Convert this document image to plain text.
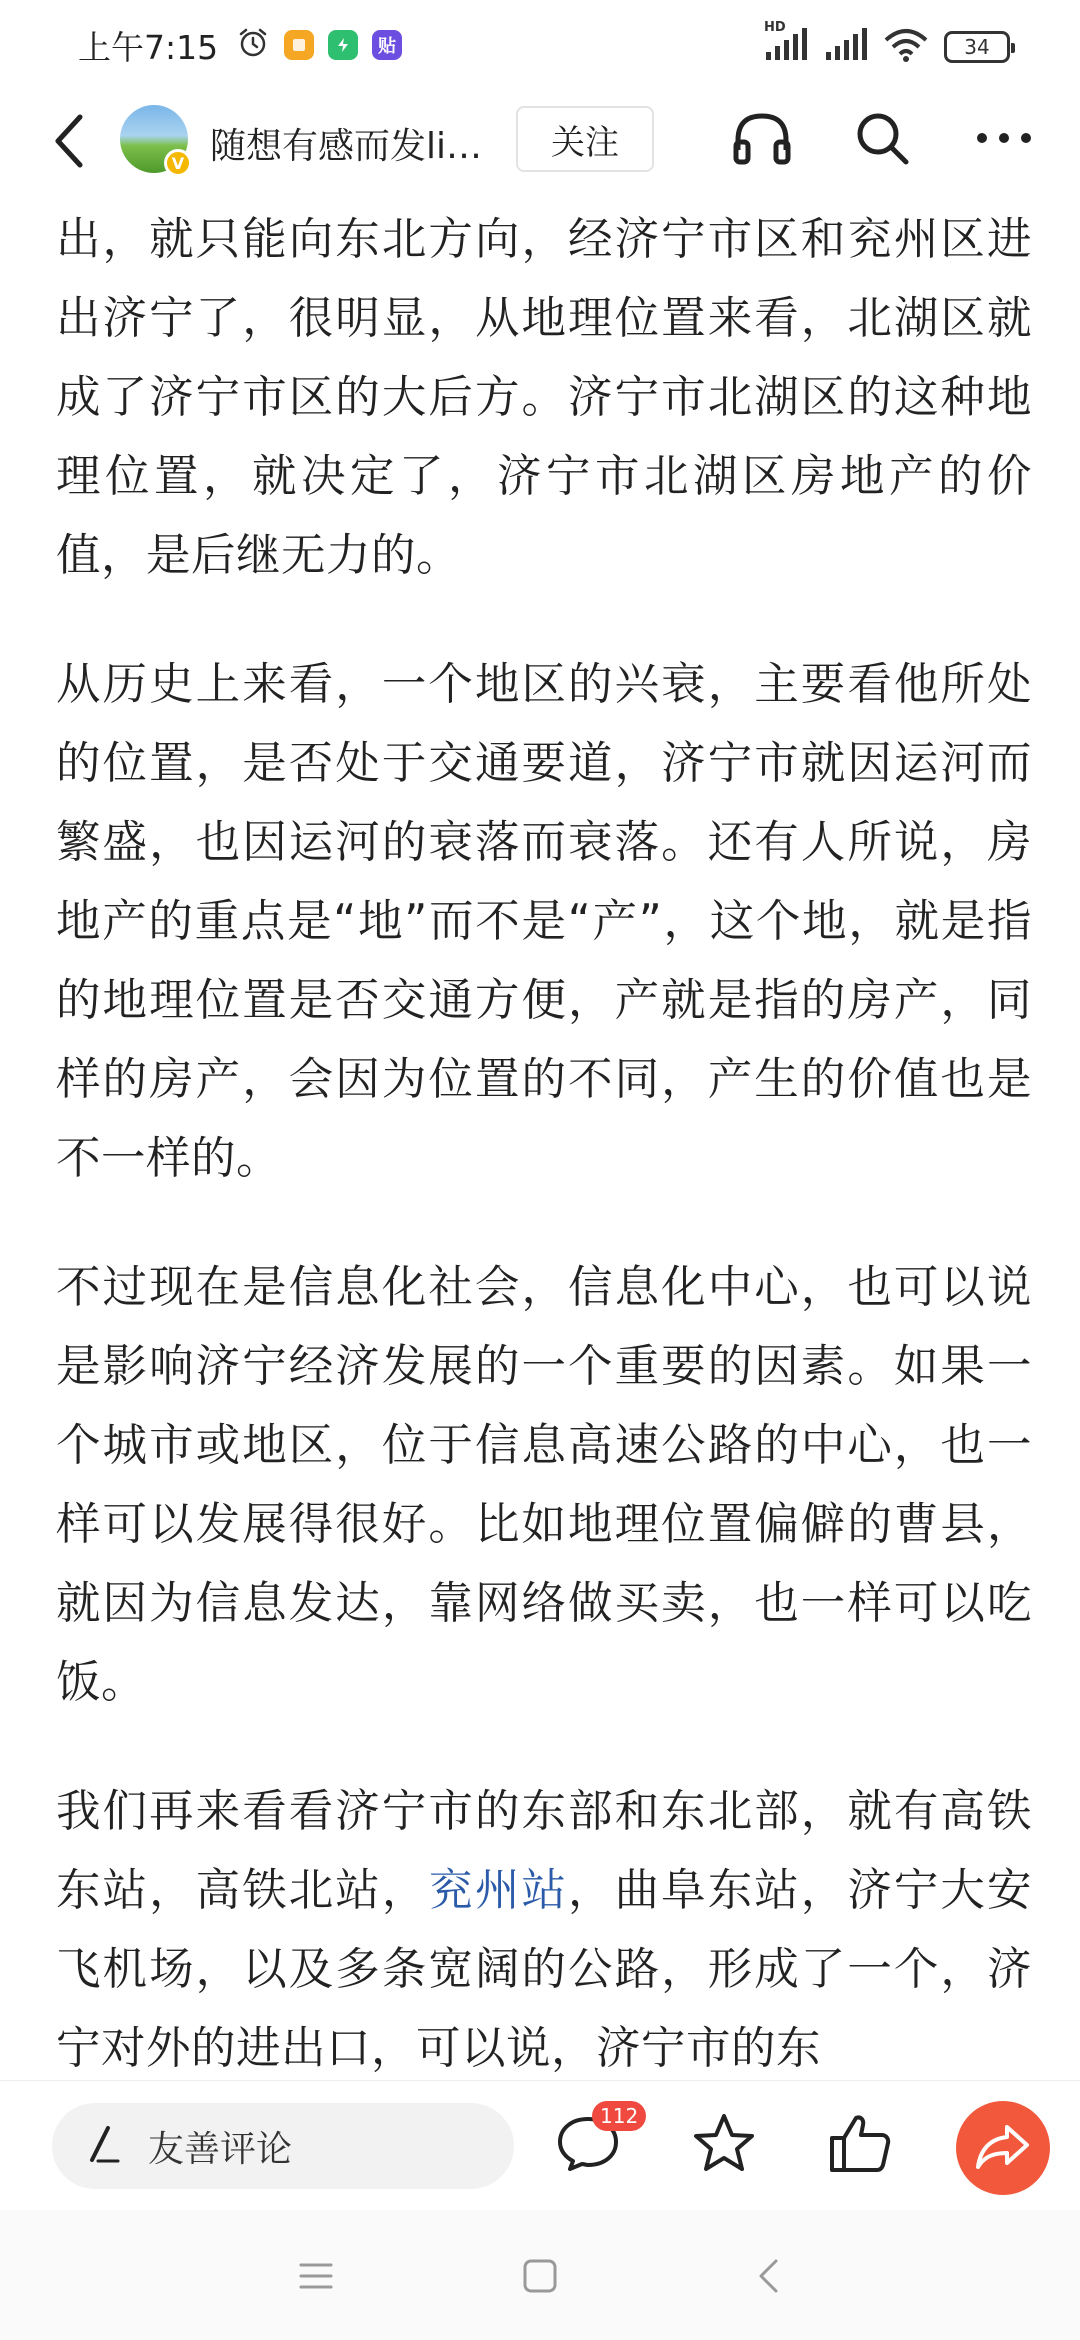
上午7:15	贴
HD
34
V 随想有感而发li…	关注

出，就只能向东北方向，经济宁市区和兖州区进出济宁了，很明显，从地理位置来看，北湖区就成了济宁市区的大后方。济宁市北湖区的这种地理位置，就决定了，济宁市北湖区房地产的价值，是后继无力的。

从历史上来看，一个地区的兴衰，主要看他所处的位置，是否处于交通要道，济宁市就因运河而繁盛，也因运河的衰落而衰落。还有人所说，房地产的重点是“地”而不是“产”，这个地，就是指的地理位置是否交通方便，产就是指的房产，同样的房产，会因为位置的不同，产生的价值也是不一样的。

不过现在是信息化社会，信息化中心，也可以说是影响济宁经济发展的一个重要的因素。如果一个城市或地区，位于信息高速公路的中心，也一样可以发展得很好。比如地理位置偏僻的曹县，就因为信息发达，靠网络做买卖，也一样可以吃饭。

我们再来看看济宁市的东部和东北部，就有高铁东站，高铁北站，兖州站，曲阜东站，济宁大安飞机场，以及多条宽阔的公路，形成了一个，济宁对外的进出口，可以说，济宁市的东

友善评论
112
